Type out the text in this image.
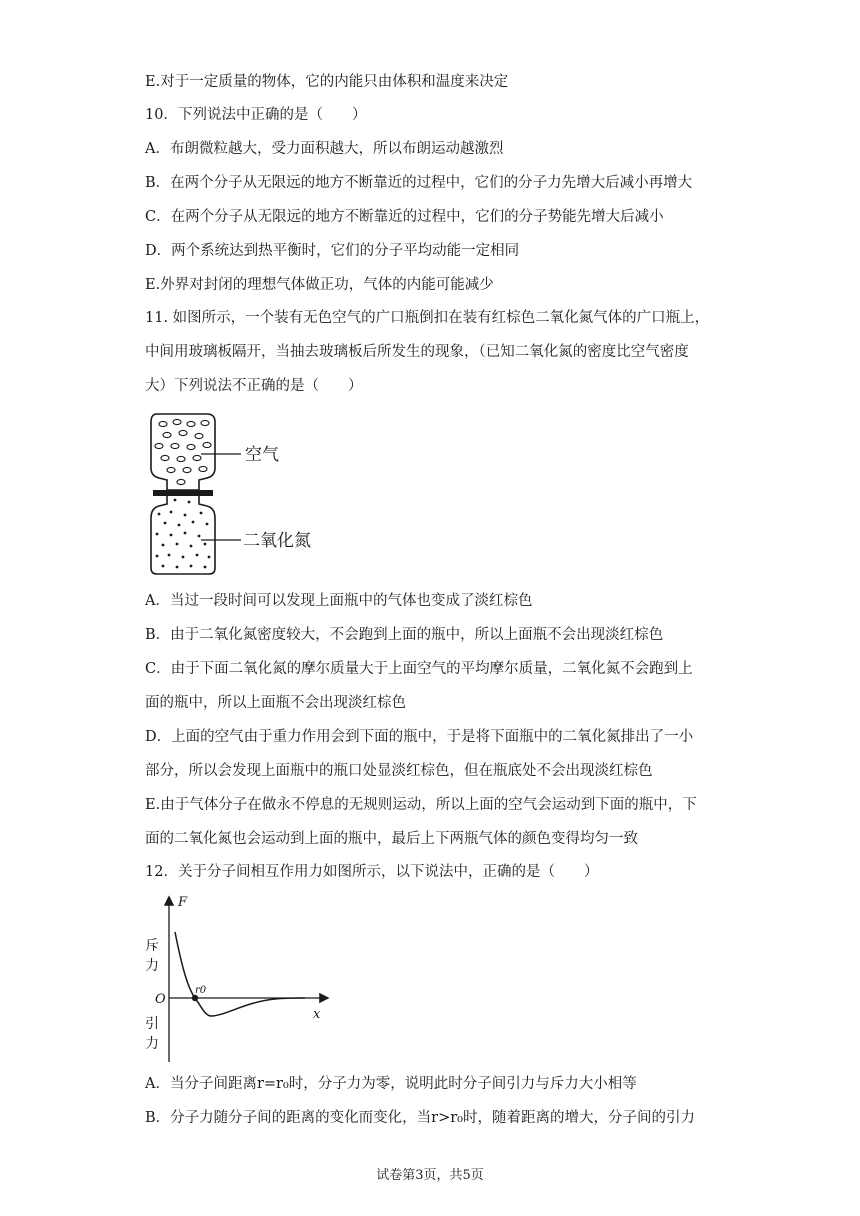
E.对于一定质量的物体，它的内能只由体积和温度来决定
10．下列说法中正确的是（　　）
A．布朗微粒越大，受力面积越大，所以布朗运动越激烈
B．在两个分子从无限远的地方不断靠近的过程中，它们的分子力先增大后减小再增大
C．在两个分子从无限远的地方不断靠近的过程中，它们的分子势能先增大后减小
D．两个系统达到热平衡时，它们的分子平均动能一定相同
E.外界对封闭的理想气体做正功，气体的内能可能减少
11. 如图所示，一个装有无色空气的广口瓶倒扣在装有红棕色二氧化氮气体的广口瓶上，
中间用玻璃板隔开，当抽去玻璃板后所发生的现象，（已知二氧化氮的密度比空气密度
大）下列说法不正确的是（　　）
空气
二氧化氮
A．当过一段时间可以发现上面瓶中的气体也变成了淡红棕色
B．由于二氧化氮密度较大，不会跑到上面的瓶中，所以上面瓶不会出现淡红棕色
C．由于下面二氧化氮的摩尔质量大于上面空气的平均摩尔质量，二氧化氮不会跑到上
面的瓶中，所以上面瓶不会出现淡红棕色
D．上面的空气由于重力作用会到下面的瓶中，于是将下面瓶中的二氧化氮排出了一小
部分，所以会发现上面瓶中的瓶口处显淡红棕色，但在瓶底处不会出现淡红棕色
E.由于气体分子在做永不停息的无规则运动，所以上面的空气会运动到下面的瓶中，下
面的二氧化氮也会运动到上面的瓶中，最后上下两瓶气体的颜色变得均匀一致
12．关于分子间相互作用力如图所示，以下说法中，正确的是（　　）
F
x
O
r0
斥力
引力
A．当分子间距离r=r₀时，分子力为零，说明此时分子间引力与斥力大小相等
B．分子力随分子间的距离的变化而变化，当r>r₀时，随着距离的增大，分子间的引力
试卷第3页，共5页
